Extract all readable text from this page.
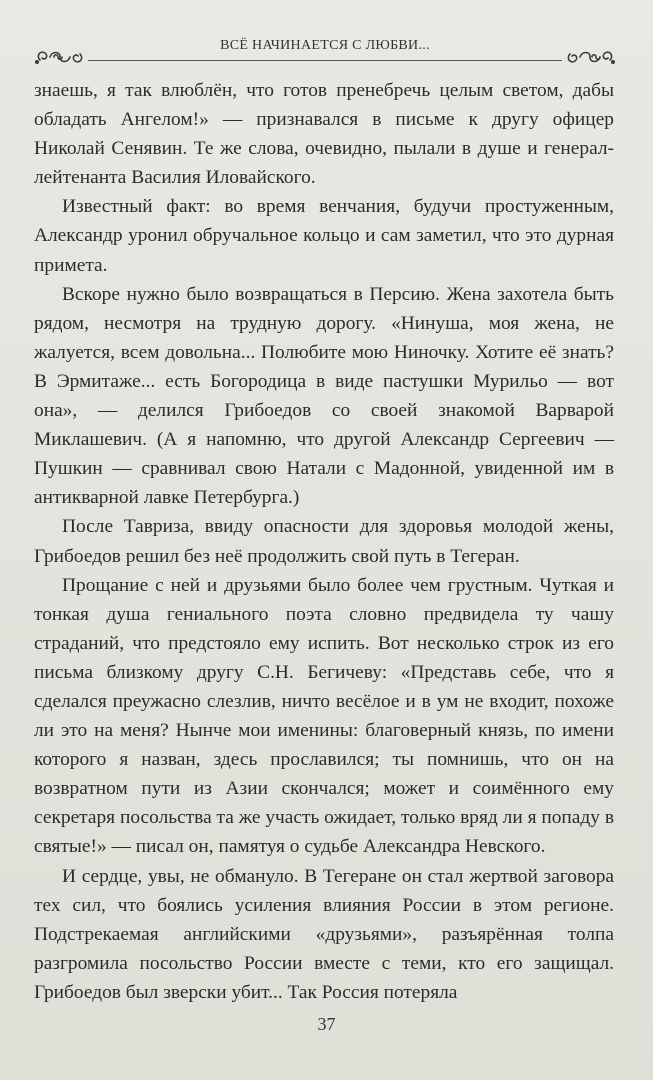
ВСЁ НАЧИНАЕТСЯ С ЛЮБВИ...

знаешь, я так влюблён, что готов пренебречь целым светом, дабы обладать Ангелом!» — признавался в письме к другу офицер Николай Сенявин. Те же слова, очевидно, пылали в душе и генерал-лейтенанта Василия Иловайского.

Известный факт: во время венчания, будучи простуженным, Александр уронил обручальное кольцо и сам заметил, что это дурная примета.

Вскоре нужно было возвращаться в Персию. Жена захотела быть рядом, несмотря на трудную дорогу. «Нинуша, моя жена, не жалуется, всем довольна... Полюбите мою Ниночку. Хотите её знать? В Эрмитаже... есть Богородица в виде пастушки Мурильо — вот она», — делился Грибоедов со своей знакомой Варварой Миклашевич. (А я напомню, что другой Александр Сергеевич — Пушкин — сравнивал свою Натали с Мадонной, увиденной им в антикварной лавке Петербурга.)

После Тавриза, ввиду опасности для здоровья молодой жены, Грибоедов решил без неё продолжить свой путь в Тегеран.

Прощание с ней и друзьями было более чем грустным. Чуткая и тонкая душа гениального поэта словно предвидела ту чашу страданий, что предстояло ему испить. Вот несколько строк из его письма близкому другу С.Н. Бегичеву: «Представь себе, что я сделался преужасно слезлив, ничто весёлое и в ум не входит, похоже ли это на меня? Нынче мои именины: благоверный князь, по имени которого я назван, здесь прославился; ты помнишь, что он на возвратном пути из Азии скончался; может и соимённого ему секретаря посольства та же участь ожидает, только вряд ли я попаду в святые!» — писал он, памятуя о судьбе Александра Невского.

И сердце, увы, не обмануло. В Тегеране он стал жертвой заговора тех сил, что боялись усиления влияния России в этом регионе. Подстрекаемая английскими «друзьями», разъярённая толпа разгромила посольство России вместе с теми, кто его защищал. Грибоедов был зверски убит... Так Россия потеряла

37
